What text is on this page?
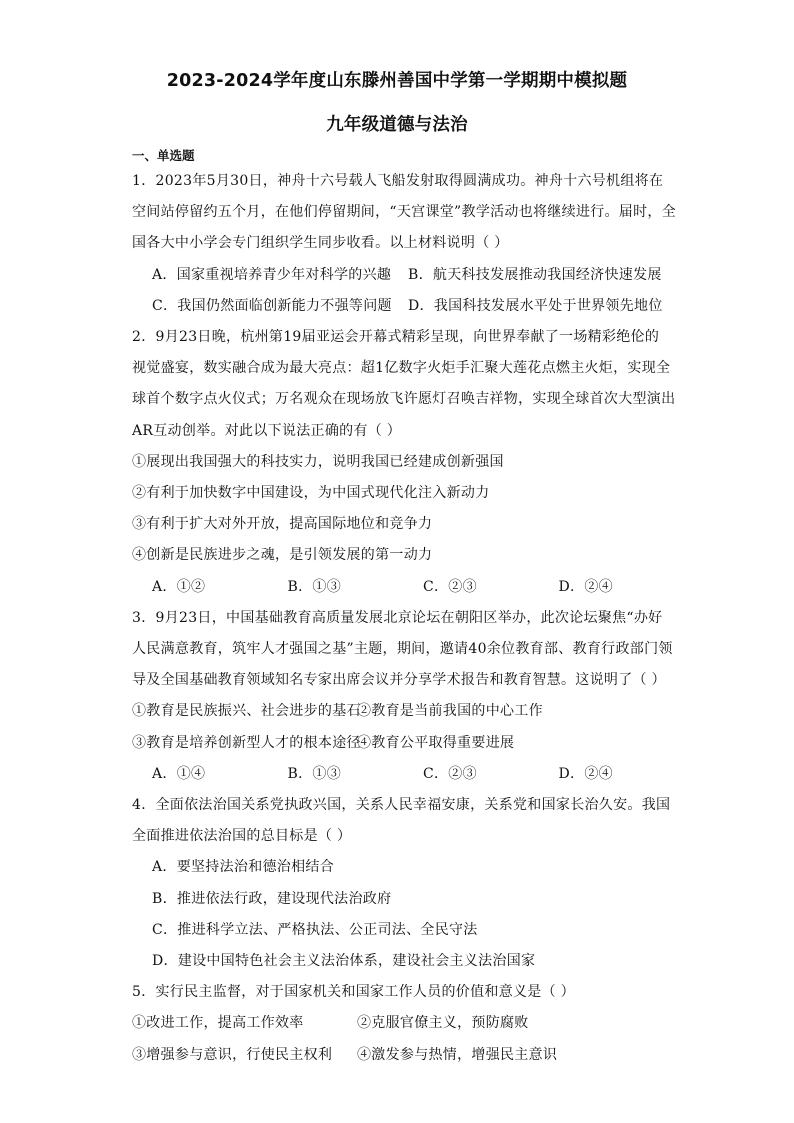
2023-2024学年度山东滕州善国中学第一学期期中模拟题
九年级道德与法治
一、单选题
1．2023年5月30日，神舟十六号载人飞船发射取得圆满成功。神舟十六号机组将在
空间站停留约五个月，在他们停留期间，“天宫课堂”教学活动也将继续进行。届时，全
国各大中小学会专门组织学生同步收看。以上材料说明（ ）
A．国家重视培养青少年对科学的兴趣	B．航天科技发展推动我国经济快速发展
C．我国仍然面临创新能力不强等问题	D．我国科技发展水平处于世界领先地位
2．9月23日晚，杭州第19届亚运会开幕式精彩呈现，向世界奉献了一场精彩绝伦的
视觉盛宴，数实融合成为最大亮点：超1亿数字火炬手汇聚大莲花点燃主火炬，实现全
球首个数字点火仪式；万名观众在现场放飞许愿灯召唤吉祥物，实现全球首次大型演出
AR互动创举。对此以下说法正确的有（ ）
①展现出我国强大的科技实力，说明我国已经建成创新强国
②有利于加快数字中国建设，为中国式现代化注入新动力
③有利于扩大对外开放，提高国际地位和竞争力
④创新是民族进步之魂，是引领发展的第一动力
A．①②	B．①③	C．②③	D．②④
3．9月23日，中国基础教育高质量发展北京论坛在朝阳区举办，此次论坛聚焦“办好
人民满意教育，筑牢人才强国之基”主题，期间，邀请40余位教育部、教育行政部门领
导及全国基础教育领域知名专家出席会议并分享学术报告和教育智慧。这说明了（ ）
①教育是民族振兴、社会进步的基石
②教育是当前我国的中心工作
③教育是培养创新型人才的根本途径
④教育公平取得重要进展
A．①④	B．①③	C．②③	D．②④
4．全面依法治国关系党执政兴国，关系人民幸福安康，关系党和国家长治久安。我国
全面推进依法治国的总目标是（ ）
A．要坚持法治和德治相结合
B．推进依法行政，建设现代法治政府
C．推进科学立法、严格执法、公正司法、全民守法
D．建设中国特色社会主义法治体系，建设社会主义法治国家
5．实行民主监督，对于国家机关和国家工作人员的价值和意义是（ ）
①改进工作，提高工作效率	②克服官僚主义，预防腐败
③增强参与意识，行使民主权利	④激发参与热情，增强民主意识
